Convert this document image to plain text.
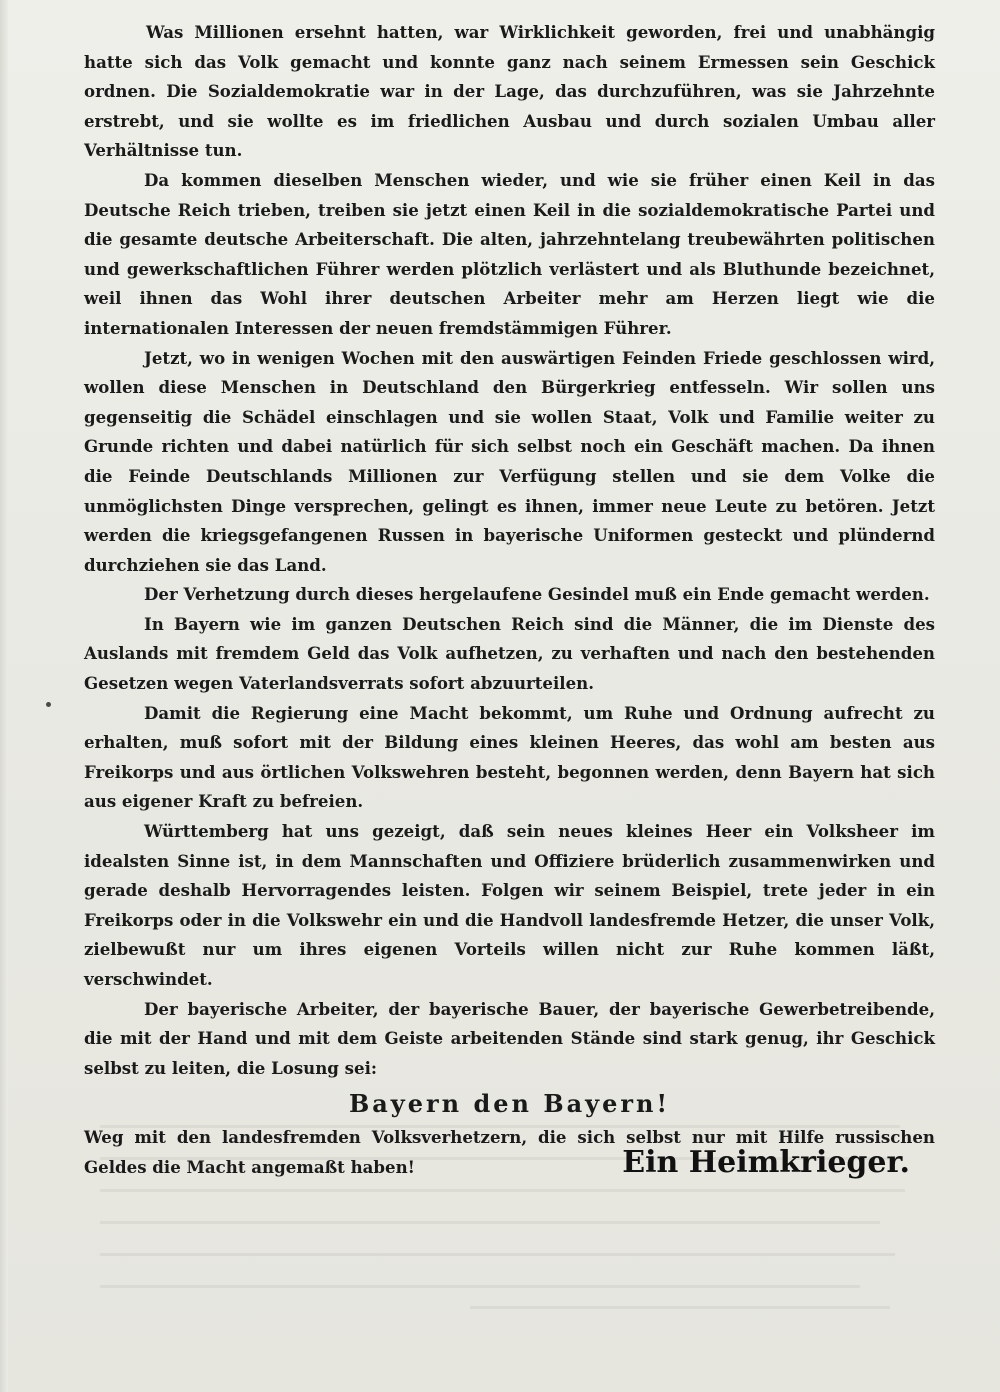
Was Millionen ersehnt hatten, war Wirklichkeit geworden, frei und unabhängig hatte sich das Volk gemacht und konnte ganz nach seinem Ermessen sein Geschick ordnen. Die Sozialdemokratie war in der Lage, das durchzuführen, was sie Jahrzehnte erstrebt, und sie wollte es im friedlichen Ausbau und durch sozialen Umbau aller Verhältnisse tun.

Da kommen dieselben Menschen wieder, und wie sie früher einen Keil in das Deutsche Reich trieben, treiben sie jetzt einen Keil in die sozialdemokratische Partei und die gesamte deutsche Arbeiterschaft. Die alten, jahrzehntelang treubewährten politischen und gewerkschaftlichen Führer werden plötzlich verlästert und als Bluthunde bezeichnet, weil ihnen das Wohl ihrer deutschen Arbeiter mehr am Herzen liegt wie die internationalen Interessen der neuen fremdstämmigen Führer.

Jetzt, wo in wenigen Wochen mit den auswärtigen Feinden Friede geschlossen wird, wollen diese Menschen in Deutschland den Bürgerkrieg entfesseln. Wir sollen uns gegenseitig die Schädel einschlagen und sie wollen Staat, Volk und Familie weiter zu Grunde richten und dabei natürlich für sich selbst noch ein Geschäft machen. Da ihnen die Feinde Deutschlands Millionen zur Verfügung stellen und sie dem Volke die unmöglichsten Dinge versprechen, gelingt es ihnen, immer neue Leute zu betören. Jetzt werden die kriegsgefangenen Russen in bayerische Uniformen gesteckt und plündernd durchziehen sie das Land.

Der Verhetzung durch dieses hergelaufene Gesindel muß ein Ende gemacht werden.

In Bayern wie im ganzen Deutschen Reich sind die Männer, die im Dienste des Auslands mit fremdem Geld das Volk aufhetzen, zu verhaften und nach den bestehenden Gesetzen wegen Vaterlandsverrats sofort abzuurteilen.

Damit die Regierung eine Macht bekommt, um Ruhe und Ordnung aufrecht zu erhalten, muß sofort mit der Bildung eines kleinen Heeres, das wohl am besten aus Freikorps und aus örtlichen Volkswehren besteht, begonnen werden, denn Bayern hat sich aus eigener Kraft zu befreien.

Württemberg hat uns gezeigt, daß sein neues kleines Heer ein Volksheer im idealsten Sinne ist, in dem Mannschaften und Offiziere brüderlich zusammenwirken und gerade deshalb Hervorragendes leisten. Folgen wir seinem Beispiel, trete jeder in ein Freikorps oder in die Volkswehr ein und die Handvoll landesfremde Hetzer, die unser Volk, zielbewußt nur um ihres eigenen Vorteils willen nicht zur Ruhe kommen läßt, verschwindet.

Der bayerische Arbeiter, der bayerische Bauer, der bayerische Gewerbetreibende, die mit der Hand und mit dem Geiste arbeitenden Stände sind stark genug, ihr Geschick selbst zu leiten, die Losung sei:

Bayern den Bayern!

Weg mit den landesfremden Volksverhetzern, die sich selbst nur mit Hilfe russischen Geldes die Macht angemaßt haben!	Ein Heimkrieger.
